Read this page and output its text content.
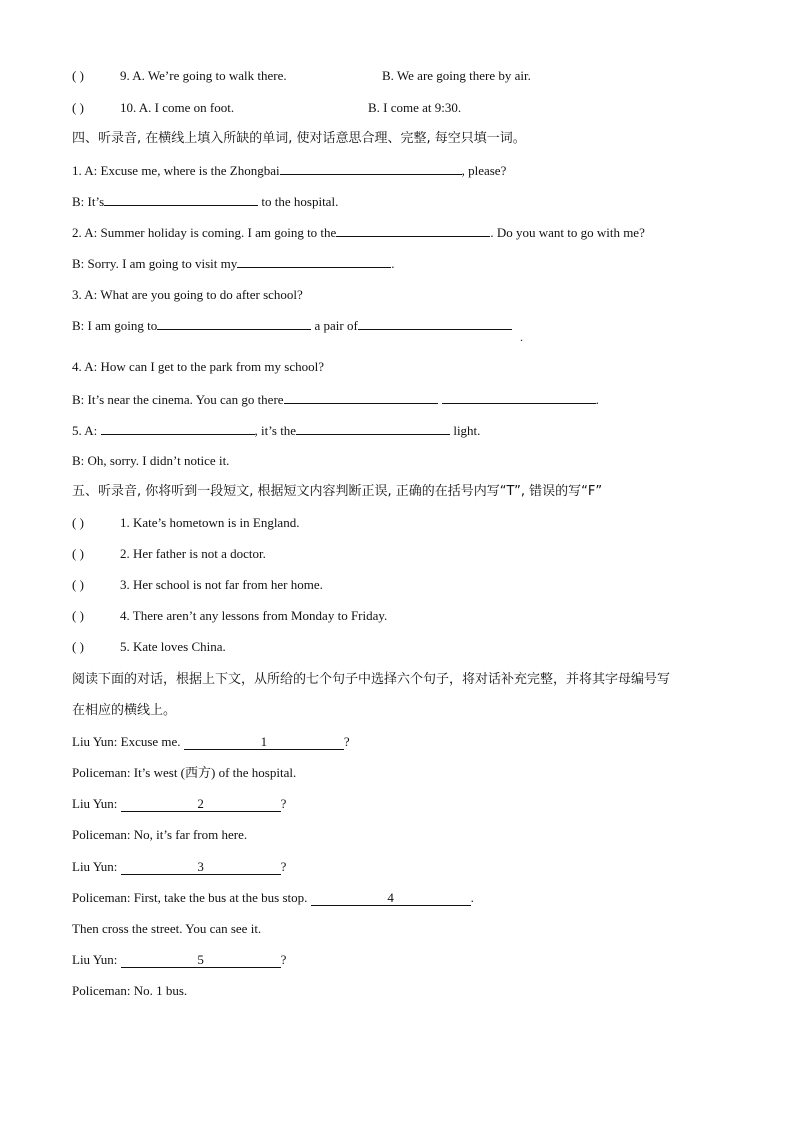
( )	9. A. We’re going to walk there.	B. We are going there by air.
( )	10. A. I come on foot.	B. I come at 9:30.
四、听录音, 在横线上填入所缺的单词, 使对话意思合理、完整, 每空只填一词。
1. A: Excuse me, where is the Zhongbai	, please?
B: It’s	to the hospital.
2. A: Summer holiday is coming. I am going to the	. Do you want to go with me?
B: Sorry. I am going to visit my	.
3. A: What are you going to do after school?
B: I am going to	a pair of
.
4. A: How can I get to the park from my school?
B: It’s near the cinema. You can go there	.
5. A:	, it’s the	light.
B: Oh, sorry. I didn’t notice it.
五、听录音, 你将听到一段短文, 根据短文内容判断正误, 正确的在括号内写“T”, 错误的写“F”
( )	1. Kate’s hometown is in England.
( )	2. Her father is not a doctor.
( )	3. Her school is not far from her home.
( )	4. There aren’t any lessons from Monday to Friday.
( )	5. Kate loves China.
阅读下面的对话，根据上下文，从所给的七个句子中选择六个句子，将对话补充完整，并将其字母编号写
在相应的横线上。
Liu Yun: Excuse me.	1	?
Policeman: It’s west (西方) of the hospital.
Liu Yun:	2	?
Policeman: No, it’s far from here.
Liu Yun:	3	?
Policeman: First, take the bus at the bus stop.	4	.
Then cross the street. You can see it.
Liu Yun:	5	?
Policeman: No. 1 bus.
